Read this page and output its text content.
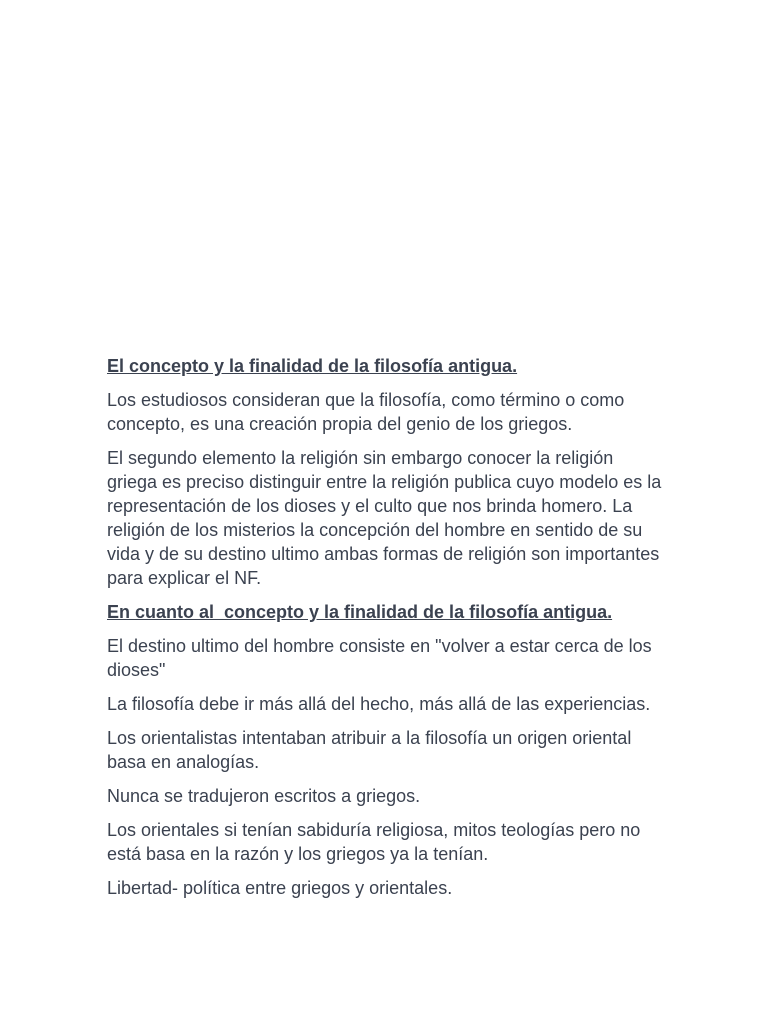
El concepto y la finalidad de la filosofía antigua.
Los estudiosos consideran que la filosofía, como término o como concepto, es una creación propia del genio de los griegos.
El segundo elemento la religión sin embargo conocer la religión griega es preciso distinguir entre la religión publica cuyo modelo es la representación de los dioses y el culto que nos brinda homero. La religión de los misterios la concepción del hombre en sentido de su vida y de su destino ultimo ambas formas de religión son importantes para explicar el NF.
En cuanto al  concepto y la finalidad de la filosofía antigua.
El destino ultimo del hombre consiste en "volver a estar cerca de los dioses"
La filosofía debe ir más allá del hecho, más allá de las experiencias.
Los orientalistas intentaban atribuir a la filosofía un origen oriental basa en analogías.
Nunca se tradujeron escritos a griegos.
Los orientales si tenían sabiduría religiosa, mitos teologías pero no está basa en la razón y los griegos ya la tenían.
Libertad- política entre griegos y orientales.
